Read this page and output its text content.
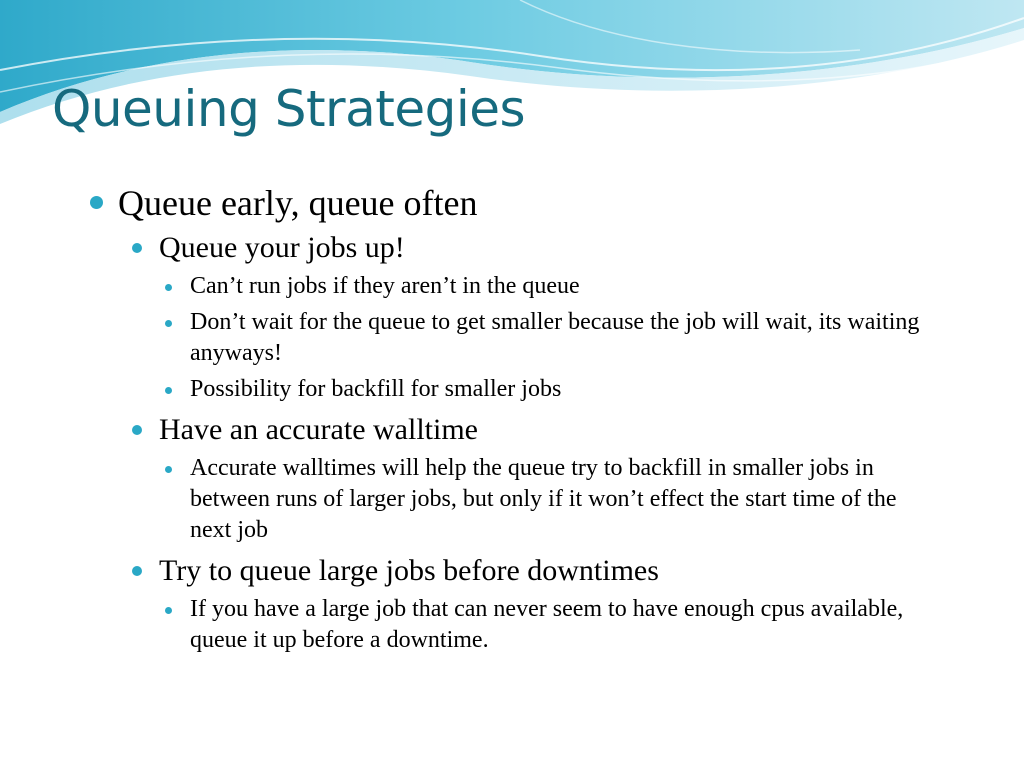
Queuing Strategies
Queue early, queue often
Queue your jobs up!
Can’t run jobs if they aren’t in the queue
Don’t wait for the queue to get smaller because the job will wait, its waiting anyways!
Possibility for backfill for smaller jobs
Have an accurate walltime
Accurate walltimes will help the queue try to backfill in smaller jobs in between runs of larger jobs, but only if it won’t effect the start time of the next job
Try to queue large jobs before downtimes
If you have a large job that can never seem to have enough cpus available, queue it up before a downtime.
